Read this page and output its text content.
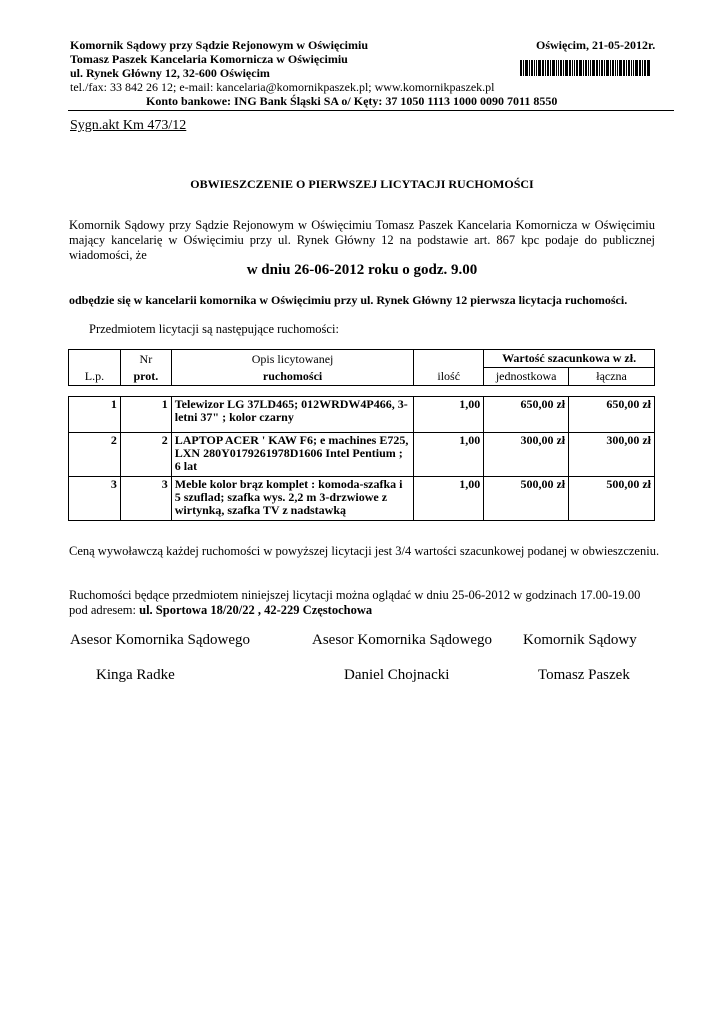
Komornik Sądowy przy Sądzie Rejonowym w Oświęcimiu
Tomasz Paszek Kancelaria Komornicza w Oświęcimiu
ul. Rynek Główny 12, 32-600 Oświęcim
tel./fax: 33 842 26 12; e-mail: kancelaria@komornikpaszek.pl; www.komornikpaszek.pl
Konto bankowe: ING Bank Śląski SA o/ Kęty: 37 1050 1113 1000 0090 7011 8550
Oświęcim, 21-05-2012r.
Sygn.akt Km 473/12
OBWIESZCZENIE O PIERWSZEJ LICYTACJI RUCHOMOŚCI

Komornik Sądowy przy Sądzie Rejonowym w Oświęcimiu Tomasz Paszek Kancelaria Komornicza w Oświęcimiu mający kancelarię w Oświęcimiu przy ul. Rynek Główny 12 na podstawie art. 867 kpc podaje do publicznej wiadomości, że

w dniu 26-06-2012 roku o godz. 9.00
odbędzie się w kancelarii komornika w Oświęcimiu przy ul. Rynek Główny 12 pierwsza licytacja ruchomości.
Przedmiotem licytacji są następujące ruchomości:
L.p.	Nr	Opis licytowanej	ilość	Wartość szacunkowa w zł.	
	prot.	ruchomości		jednostkowa	łączna
1	1	Telewizor LG 37LD465; 012WRDW4P466, 3-letni 37" ; kolor czarny	1,00	650,00 zł	650,00 zł
2	2	LAPTOP ACER ' KAW F6; e machines E725, LXN 280Y0179261978D1606 Intel Pentium ; 6 lat	1,00	300,00 zł	300,00 zł
3	3	Meble kolor brąz komplet : komoda-szafka i 5 szuflad; szafka wys. 2,2 m 3-drzwiowe z wirtynką, szafka TV z nadstawką	1,00	500,00 zł	500,00 zł
Ceną wywoławczą każdej ruchomości w powyższej licytacji jest 3/4 wartości szacunkowej podanej w obwieszczeniu.

Ruchomości będące przedmiotem niniejszej licytacji można oglądać w dniu 25-06-2012 w godzinach 17.00-19.00 pod adresem: ul. Sportowa 18/20/22 , 42-229 Częstochowa

Asesor Komornika Sądowego	Asesor Komornika Sądowego Komornik Sądowy
Kinga Radke	Daniel Chojnacki	Tomasz Paszek
